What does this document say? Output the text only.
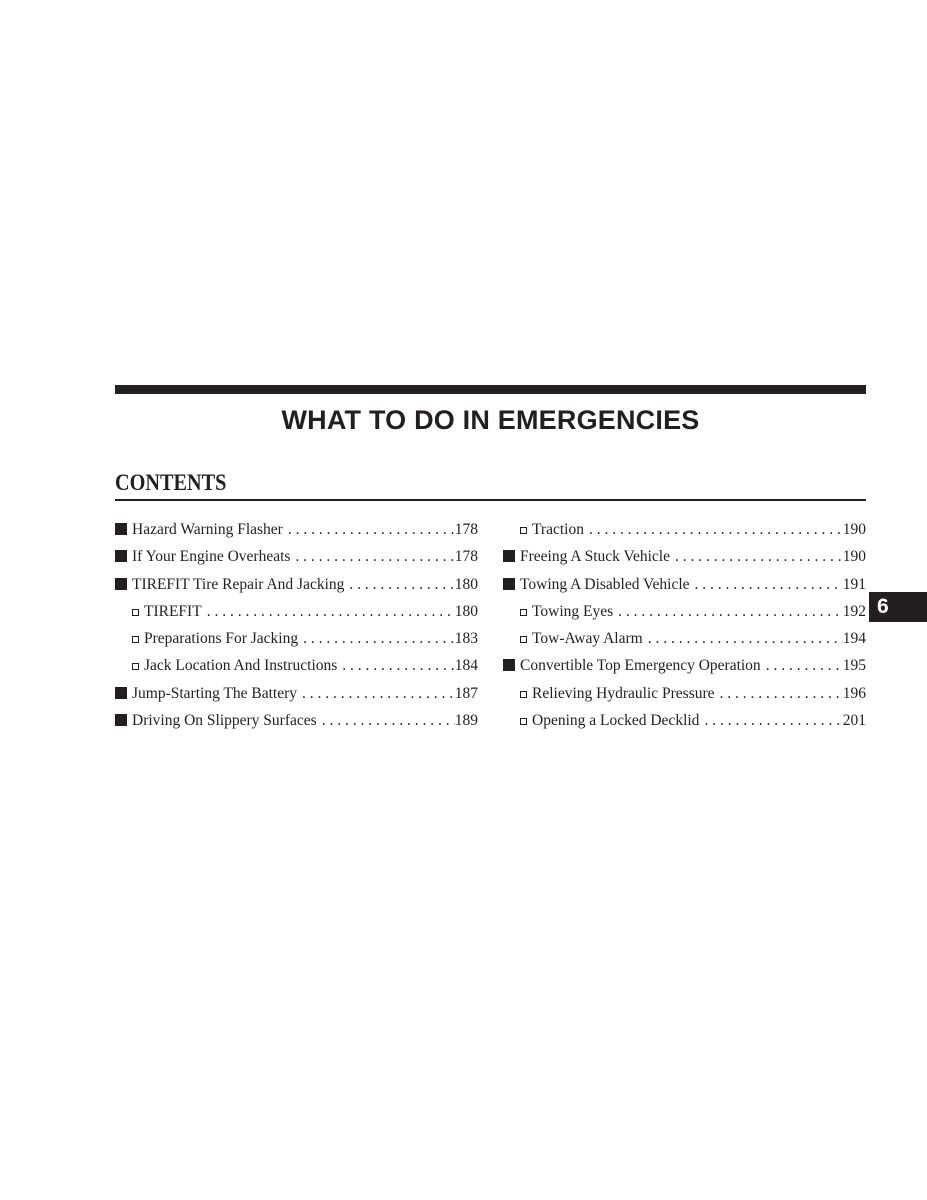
WHAT TO DO IN EMERGENCIES
CONTENTS
Hazard Warning Flasher . . .	178
If Your Engine Overheats . . .	178
TIREFIT Tire Repair And Jacking . . .	180
TIREFIT . . .	180
Preparations For Jacking . . .	183
Jack Location And Instructions . . .	184
Jump-Starting The Battery . . .	187
Driving On Slippery Surfaces . . .	189
Traction . . .	190
Freeing A Stuck Vehicle . . .	190
Towing A Disabled Vehicle . . .	191
Towing Eyes . . .	192
Tow-Away Alarm . . .	194
Convertible Top Emergency Operation . . .	195
Relieving Hydraulic Pressure . . .	196
Opening a Locked Decklid . . .	201
6
